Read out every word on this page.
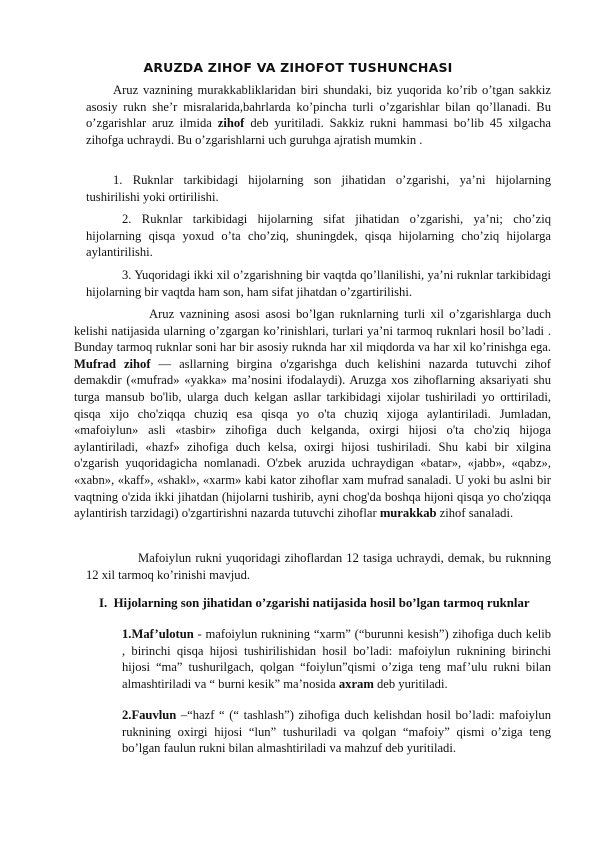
ARUZDA ZIHOF VA ZIHOFOT TUSHUNCHASI

Aruz vaznining murakkabliklaridan biri shundaki, biz yuqorida ko’rib o’tgan sakkiz asosiy rukn she’r misralarida,bahrlarda ko’pincha turli o’zgarishlar bilan qo’llanadi. Bu o’zgarishlar aruz ilmida zihof deb yuritiladi. Sakkiz rukni hammasi bo’lib 45 xilgacha zihofga uchraydi. Bu o’zgarishlarni uch guruhga ajratish mumkin .

1. Ruknlar tarkibidagi hijolarning son jihatidan o’zgarishi, ya’ni hijolarning tushirilishi yoki ortirilishi.

2. Ruknlar tarkibidagi hijolarning sifat jihatidan o’zgarishi, ya’ni; cho’ziq hijolarning qisqa yoxud o’ta cho’ziq, shuningdek, qisqa hijolarning cho’ziq hijolarga aylantirilishi.

3. Yuqoridagi ikki xil o’zgarishning bir vaqtda qo’llanilishi, ya’ni ruknlar tarkibidagi hijolarning bir vaqtda ham son, ham sifat jihatdan o’zgartirilishi.

Aruz vaznining asosi asosi bo’lgan ruknlarning turli xil o’zgarishlarga duch kelishi natijasida ularning o’zgargan ko’rinishlari, turlari ya’ni tarmoq ruknlari hosil bo’ladi . Bunday tarmoq ruknlar soni har bir asosiy ruknda har xil miqdorda va har xil ko’rinishga ega. Mufrad zihof — asllarning birgina o'zgarishga duch kelishini nazarda tutuvchi zihof demakdir («mufrad» «yakka» ma’nosini ifodalaydi). Aruzga xos zihoflarning aksariyati shu turga mansub bo'lib, ularga duch kelgan asllar tarkibidagi xijolar tushiriladi yo orttiriladi, qisqa xijo cho'ziqqa chuziq esa qisqa yo o'ta chuziq xijoga aylantiriladi. Jumladan, «mafoiylun» asli «tasbir» zihofiga duch kelganda, oxirgi hijosi o'ta cho'ziq hijoga aylantiriladi, «hazf» zihofiga duch kelsa, oxirgi hijosi tushiriladi. Shu kabi bir xilgina o'zgarish yuqoridagicha nomlanadi. O'zbek aruzida uchraydigan «batar», «jabb», «qabz», «xabn», «kaff», «shakl», «xarm» kabi kator zihoflar xam mufrad sanaladi. U yoki bu aslni bir vaqtning o'zida ikki jihatdan (hijolarni tushirib, ayni chog'da boshqa hijoni qisqa yo cho'ziqqa aylantirish tarzidagi) o'zgartirishni nazarda tutuvchi zihoflar murakkab zihof sanaladi.

Mafoiylun rukni yuqoridagi zihoflardan 12 tasiga uchraydi, demak, bu ruknning 12 xil tarmoq ko’rinishi mavjud.

I. Hijolarning son jihatidan o’zgarishi natijasida hosil bo’lgan tarmoq ruknlar

1.Maf’ulotun - mafoiylun ruknining “xarm” (“burunni kesish”) zihofiga duch kelib , birinchi qisqa hijosi tushirilishidan hosil bo’ladi: mafoiylun ruknining birinchi hijosi “ma” tushurilgach, qolgan “foiylun”qismi o’ziga teng maf’ulu rukni bilan almashtiriladi va “ burni kesik” ma’nosida axram deb yuritiladi.

2.Fauvlun –“hazf “ (“ tashlash”) zihofiga duch kelishdan hosil bo’ladi: mafoiylun ruknining oxirgi hijosi “lun” tushuriladi va qolgan “mafoiy” qismi o’ziga teng bo’lgan faulun rukni bilan almashtiriladi va mahzuf deb yuritiladi.
